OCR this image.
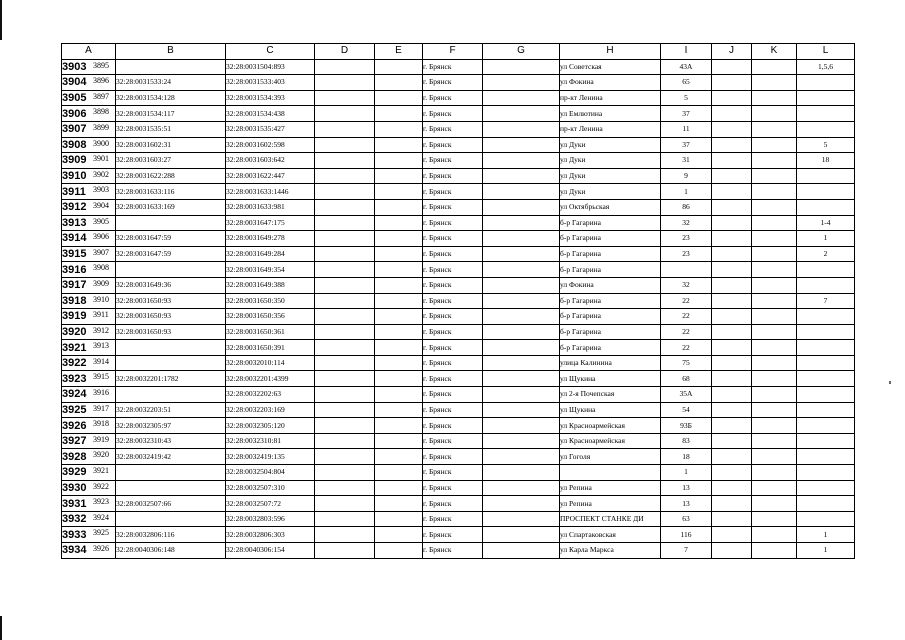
A	B	C	D	E	F	G	H	I	J	K	L
3903 3895		32:28:0031504:893			г. Брянск		ул Советская	43А			1,5,6
3904 3896	32:28:0031533:24	32:28:0031533:403			г. Брянск		ул Фокина	65			
3905 3897	32:28:0031534:128	32:28:0031534:393			г. Брянск		пр-кт Ленина	5			
3906 3898	32:28:0031534:117	32:28:0031534:438			г. Брянск		ул Емлютина	37			
3907 3899	32:28:0031535:51	32:28:0031535:427			г. Брянск		пр-кт Ленина	11			
3908 3900	32:28:0031602:31	32:28:0031602:598			г. Брянск		ул Дуки	37			5
3909 3901	32:28:0031603:27	32:28:0031603:642			г. Брянск		ул Дуки	31			18
3910 3902	32:28:0031622:288	32:28:0031622:447			г. Брянск		ул Дуки	9			
3911 3903	32:28:0031633:116	32:28:0031633:1446			г. Брянск		ул Дуки	1			
3912 3904	32:28:0031633:169	32:28:0031633:981			г. Брянск		ул Октябрьская	86			
3913 3905		32:28:0031647:175			г. Брянск		б-р Гагарина	32			1-4
3914 3906	32:28:0031647:59	32:28:0031649:278			г. Брянск		б-р Гагарина	23			1
3915 3907	32:28:0031647:59	32:28:0031649:284			г. Брянск		б-р Гагарина	23			2
3916 3908		32:28:0031649:354			г. Брянск		б-р Гагарина				
3917 3909	32:28:0031649:36	32:28:0031649:388			г. Брянск		ул Фокина	32			
3918 3910	32:28:0031650:93	32:28:0031650:350			г. Брянск		б-р Гагарина	22			7
3919 3911	32:28:0031650:93	32:28:0031650:356			г. Брянск		б-р Гагарина	22			
3920 3912	32:28:0031650:93	32:28:0031650:361			г. Брянск		б-р Гагарина	22			
3921 3913		32:28:0031650:391			г. Брянск		б-р Гагарина	22			
3922 3914		32:28:0032010:114			г. Брянск		улица Калинина	75			
3923 3915	32:28:0032201:1782	32:28:0032201:4399			г. Брянск		ул Щукина	68			
3924 3916		32:28:0032202:63			г. Брянск		ул 2-я Почепская	35А			
3925 3917	32:28:0032203:51	32:28:0032203:169			г. Брянск		ул Щукина	54			
3926 3918	32:28:0032305:97	32:28:0032305:120			г. Брянск		ул Красноармейская	93Б			
3927 3919	32:28:0032310:43	32:28:0032310:81			г. Брянск		ул Красноармейская	83			
3928 3920	32:28:0032419:42	32:28:0032419:135			г. Брянск		ул Гоголя	18			
3929 3921		32:28:0032504:804			г. Брянск			1			
3930 3922		32:28:0032507:310			г. Брянск		ул Репина	13			
3931 3923	32:28:0032507:66	32:28:0032507:72			г. Брянск		ул Репина	13			
3932 3924		32:28:0032803:596			г. Брянск		ПРОСПЕКТ СТАНКЕ ДИ	63			
3933 3925	32:28:0032806:116	32:28:0032806:303			г. Брянск		ул Спартаковская	116			1
3934 3926	32:28:0040306:148	32:28:0040306:154			г. Брянск		ул Карла Маркса	7			1
